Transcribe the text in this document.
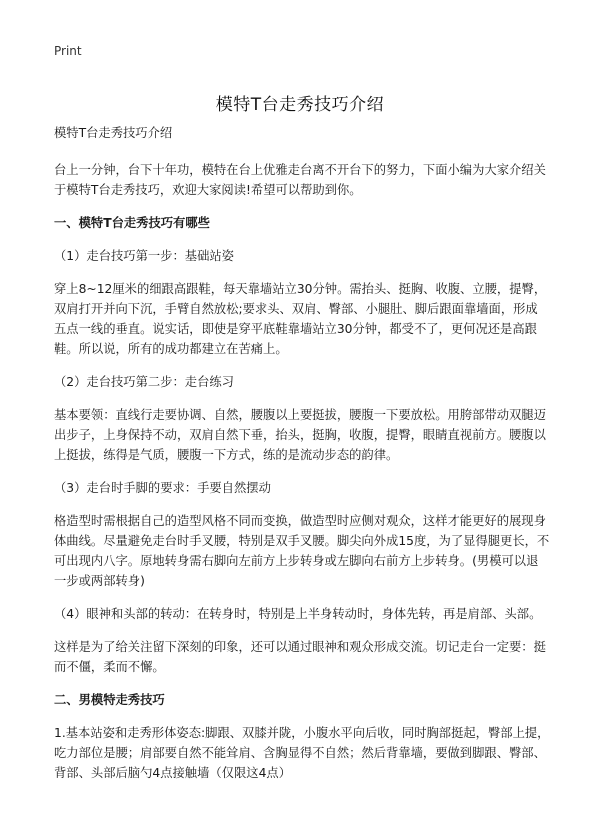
Print
模特T台走秀技巧介绍

模特T台走秀技巧介绍

台上一分钟，台下十年功，模特在台上优雅走台离不开台下的努力，下面小编为大家介绍关于模特T台走秀技巧，欢迎大家阅读!希望可以帮助到你。

一、模特T台走秀技巧有哪些

（1）走台技巧第一步：基础站姿

穿上8~12厘米的细跟高跟鞋，每天靠墙站立30分钟。需抬头、挺胸、收腹、立腰，提臀，双肩打开并向下沉，手臂自然放松;要求头、双肩、臀部、小腿肚、脚后跟面靠墙面，形成五点一线的垂直。说实话，即使是穿平底鞋靠墙站立30分钟，都受不了，更何况还是高跟鞋。所以说，所有的成功都建立在苦痛上。

（2）走台技巧第二步：走台练习

基本要领：直线行走要协调、自然，腰腹以上要挺拔，腰腹一下要放松。用胯部带动双腿迈出步子，上身保持不动，双肩自然下垂，抬头，挺胸，收腹，提臀，眼睛直视前方。腰腹以上挺拔，练得是气质，腰腹一下方式，练的是流动步态的韵律。

（3）走台时手脚的要求：手要自然摆动

格造型时需根据自己的造型风格不同而变换，做造型时应侧对观众，这样才能更好的展现身体曲线。尽量避免走台时手叉腰，特别是双手叉腰。脚尖向外成15度，为了显得腿更长，不可出现内八字。原地转身需右脚向左前方上步转身或左脚向右前方上步转身。(男模可以退一步或两部转身)

（4）眼神和头部的转动：在转身时，特别是上半身转动时，身体先转，再是肩部、头部。

这样是为了给关注留下深刻的印象，还可以通过眼神和观众形成交流。切记走台一定要：挺而不僵，柔而不懈。

二、男模特走秀技巧

1.基本站姿和走秀形体姿态:脚跟、双膝并陇，小腹水平向后收，同时胸部挺起，臀部上提，吃力部位是腰；肩部要自然不能耸肩、含胸显得不自然；然后背靠墙，要做到脚跟、臀部、背部、头部后脑勺4点接触墙（仅限这4点）
